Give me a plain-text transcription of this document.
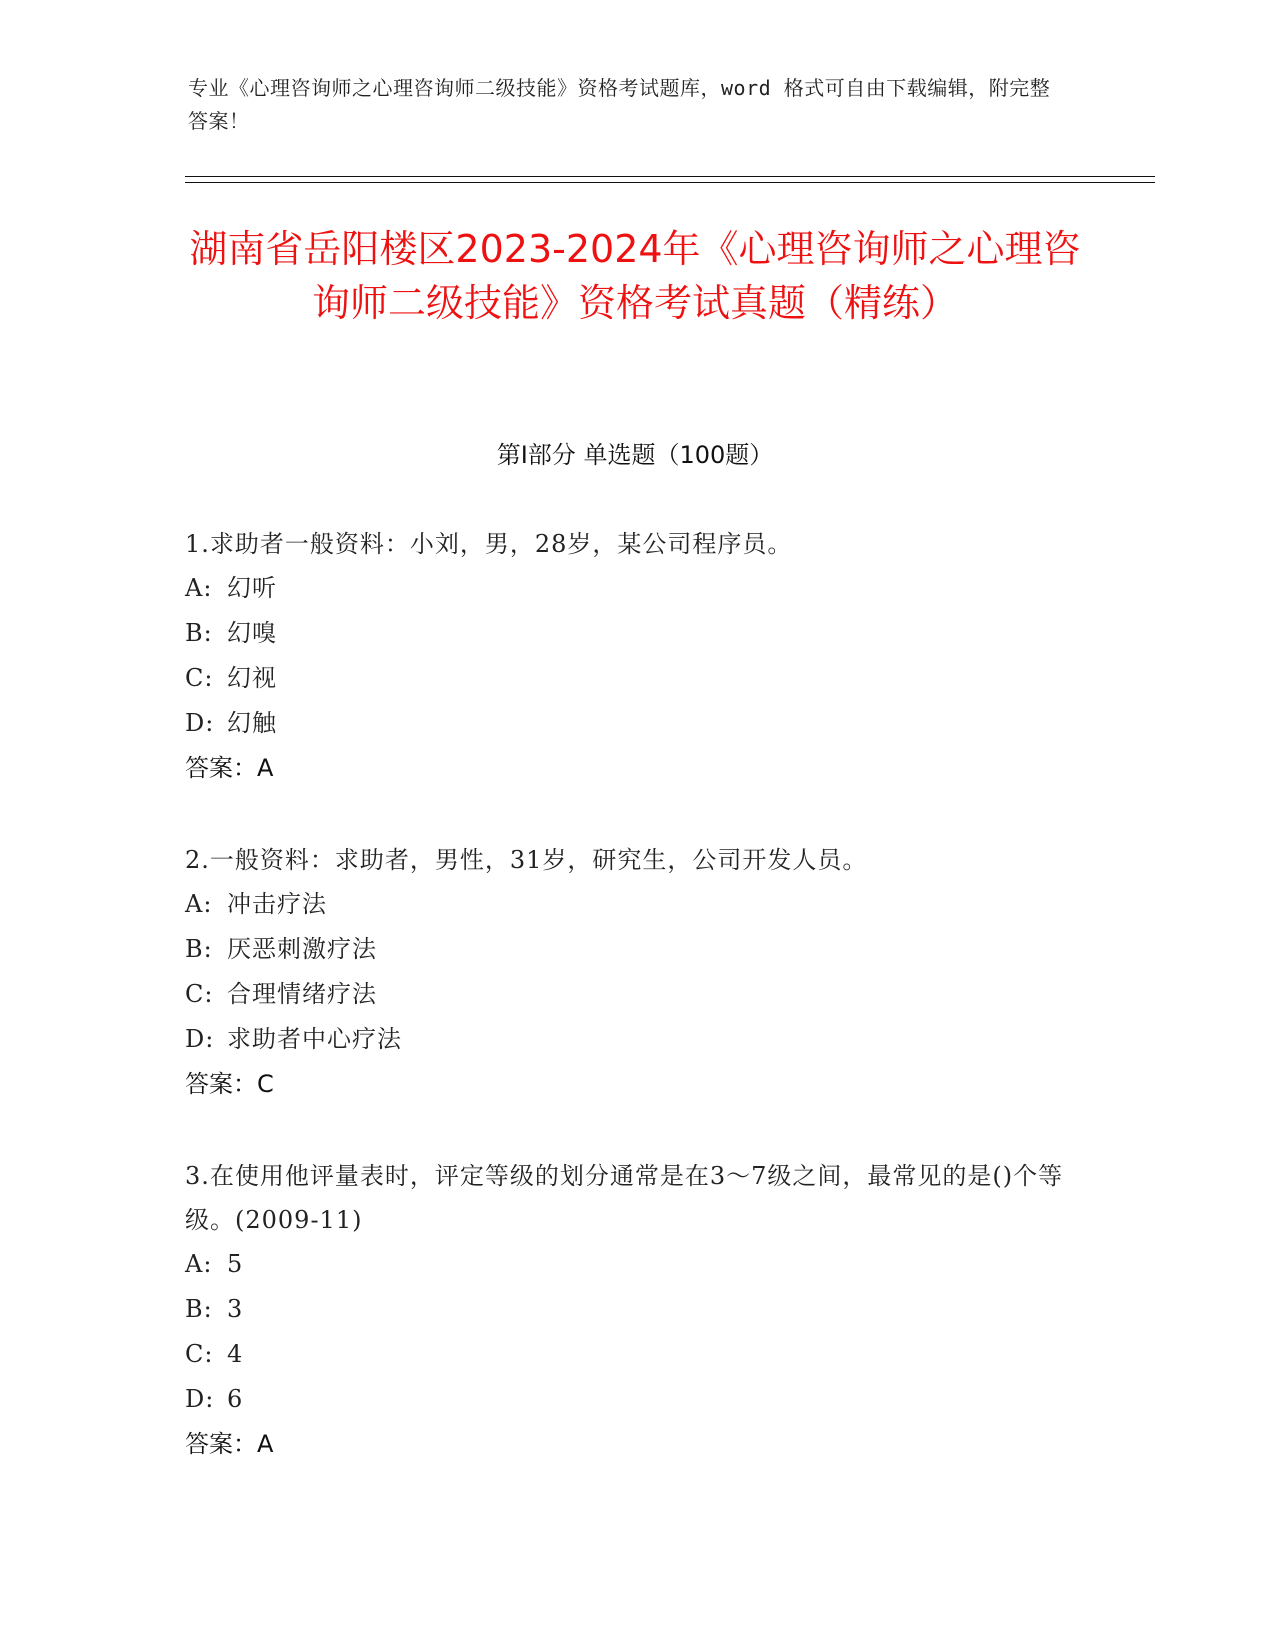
专业《心理咨询师之心理咨询师二级技能》资格考试题库，word 格式可自由下载编辑，附完整答案！
湖南省岳阳楼区2023-2024年《心理咨询师之心理咨询师二级技能》资格考试真题（精练）
第Ⅰ部分 单选题（100题）
1.求助者一般资料：小刘，男，28岁，某公司程序员。
A: 幻听
B: 幻嗅
C: 幻视
D: 幻触
答案：A
2.一般资料：求助者，男性，31岁，研究生，公司开发人员。
A: 冲击疗法
B: 厌恶刺激疗法
C: 合理情绪疗法
D: 求助者中心疗法
答案：C
3.在使用他评量表时，评定等级的划分通常是在3～7级之间，最常见的是()个等级。(2009-11)
A: 5
B: 3
C: 4
D: 6
答案：A
